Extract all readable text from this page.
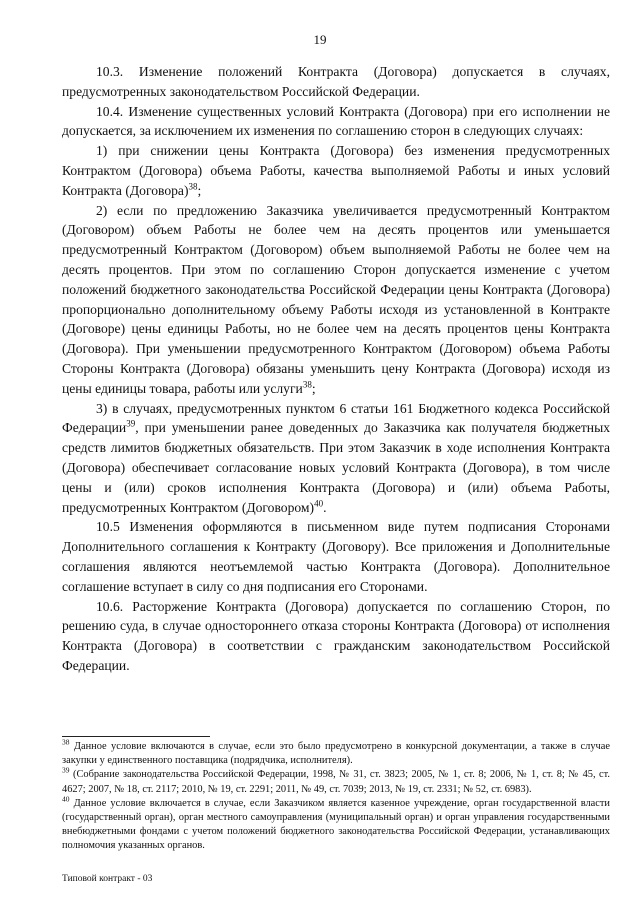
19

10.3. Изменение положений Контракта (Договора) допускается в случаях, предусмотренных законодательством Российской Федерации.

10.4. Изменение существенных условий Контракта (Договора) при его исполнении не допускается, за исключением их изменения по соглашению сторон в следующих случаях:

1) при снижении цены Контракта (Договора) без изменения предусмотренных Контрактом (Договора) объема Работы, качества выполняемой Работы и иных условий Контракта (Договора)$^{38}$;

2) если по предложению Заказчика увеличивается предусмотренный Контрактом (Договором) объем Работы не более чем на десять процентов или уменьшается предусмотренный Контрактом (Договором) объем выполняемой Работы не более чем на десять процентов. При этом по соглашению Сторон допускается изменение с учетом положений бюджетного законодательства Российской Федерации цены Контракта (Договора) пропорционально дополнительному объему Работы исходя из установленной в Контракте (Договоре) цены единицы Работы, но не более чем на десять процентов цены Контракта (Договора). При уменьшении предусмотренного Контрактом (Договором) объема Работы Стороны Контракта (Договора) обязаны уменьшить цену Контракта (Договора) исходя из цены единицы товара, работы или услуги$^{38}$;

3) в случаях, предусмотренных пунктом 6 статьи 161 Бюджетного кодекса Российской Федерации$^{39}$, при уменьшении ранее доведенных до Заказчика как получателя бюджетных средств лимитов бюджетных обязательств. При этом Заказчик в ходе исполнения Контракта (Договора) обеспечивает согласование новых условий Контракта (Договора), в том числе цены и (или) сроков исполнения Контракта (Договора) и (или) объема Работы, предусмотренных Контрактом (Договором)$^{40}$.

10.5 Изменения оформляются в письменном виде путем подписания Сторонами Дополнительного соглашения к Контракту (Договору). Все приложения и Дополнительные соглашения являются неотъемлемой частью Контракта (Договора). Дополнительное соглашение вступает в силу со дня подписания его Сторонами.

10.6. Расторжение Контракта (Договора) допускается по соглашению Сторон, по решению суда, в случае одностороннего отказа стороны Контракта (Договора) от исполнения Контракта (Договора) в соответствии с гражданским законодательством Российской Федерации.

$^{38}$ Данное условие включаются в случае, если это было предусмотрено в конкурсной документации, а также в случае закупки у единственного поставщика (подрядчика, исполнителя).

$^{39}$ (Собрание законодательства Российской Федерации, 1998, № 31, ст. 3823; 2005, № 1, ст. 8; 2006, № 1, ст. 8; № 45, ст. 4627; 2007, № 18, ст. 2117; 2010, № 19, ст. 2291; 2011, № 49, ст. 7039; 2013, № 19, ст. 2331; № 52, ст. 6983).

$^{40}$ Данное условие включается в случае, если Заказчиком является казенное учреждение, орган государственной власти (государственный орган), орган местного самоуправления (муниципальный орган) и орган управления государственными внебюджетными фондами с учетом положений бюджетного законодательства Российской Федерации, устанавливающих полномочия указанных органов.

Типовой контракт - 03
